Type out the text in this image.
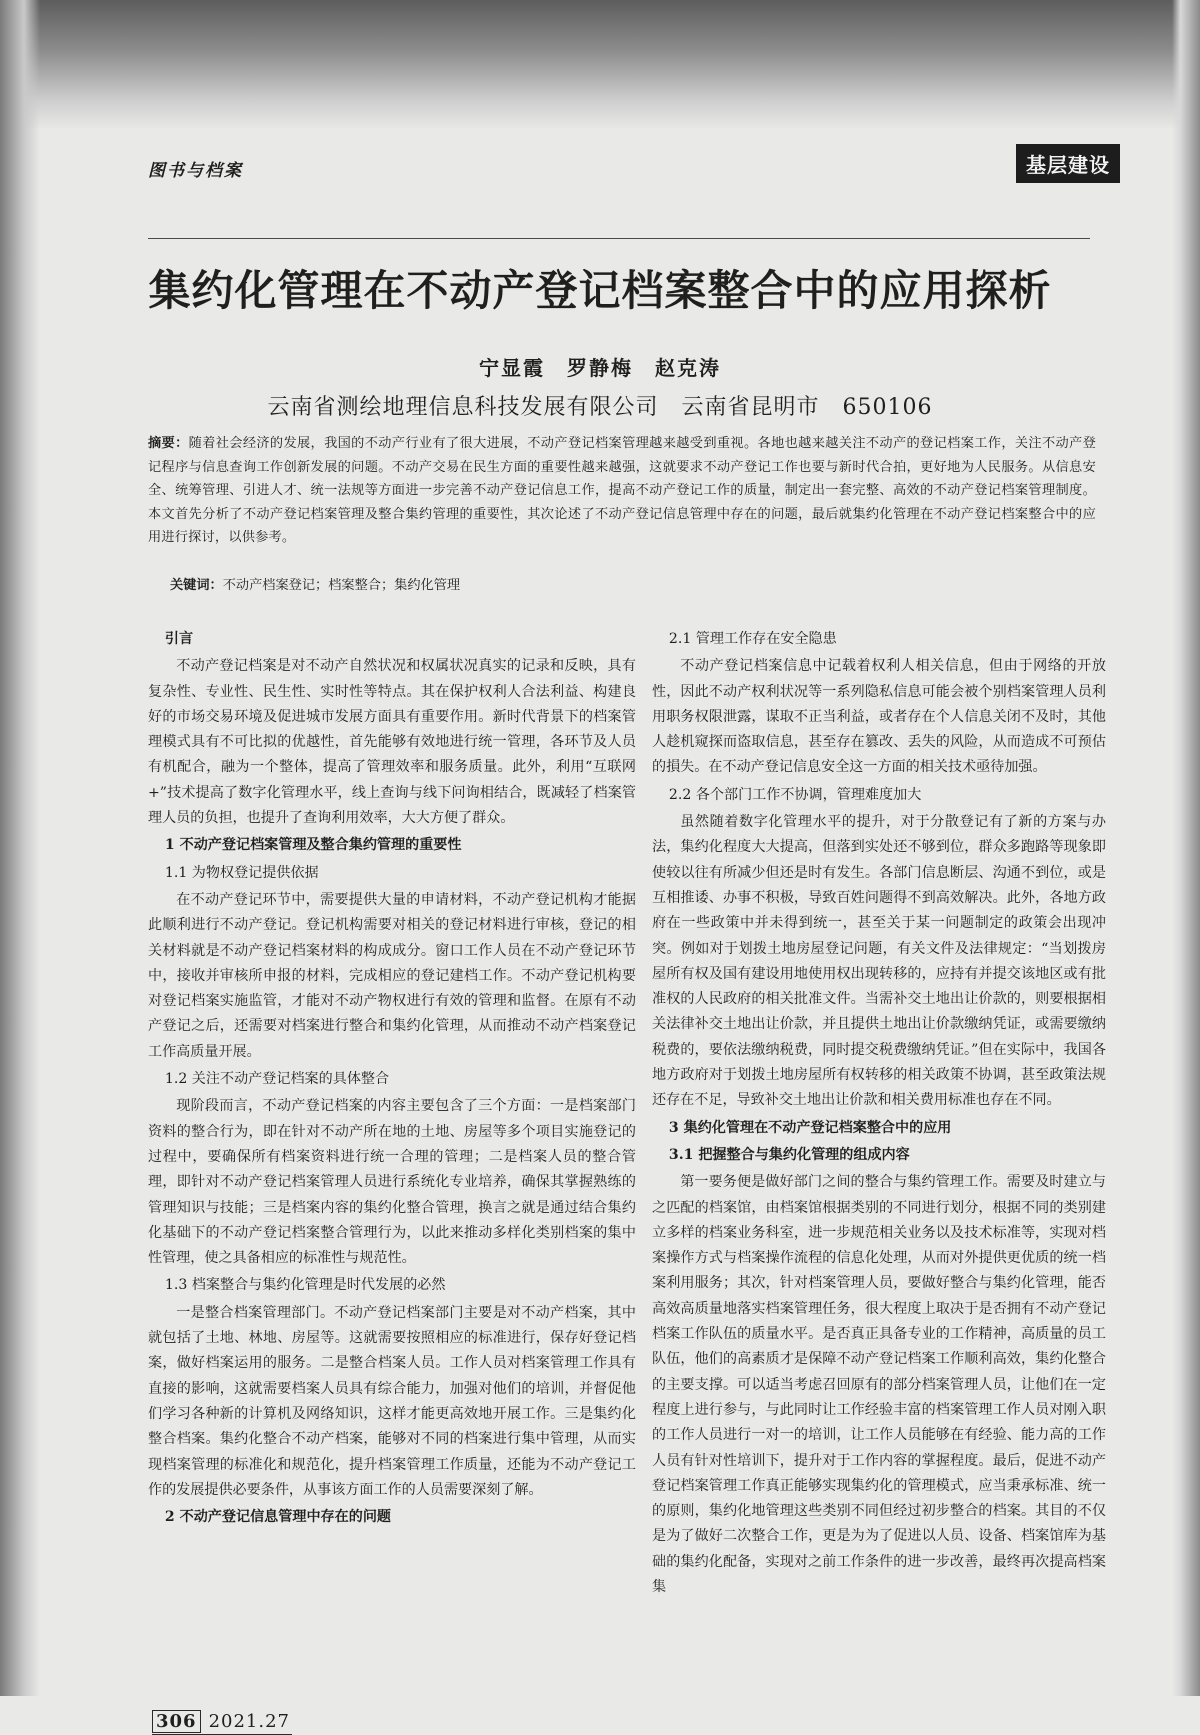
图书与档案	基层建设
集约化管理在不动产登记档案整合中的应用探析
宁显霞　罗静梅　赵克涛
云南省测绘地理信息科技发展有限公司　云南省昆明市　650106
摘要：随着社会经济的发展，我国的不动产行业有了很大进展，不动产登记档案管理越来越受到重视。各地也越来越关注不动产的登记档案工作，关注不动产登记程序与信息查询工作创新发展的问题。不动产交易在民生方面的重要性越来越强，这就要求不动产登记工作也要与新时代合拍，更好地为人民服务。从信息安全、统筹管理、引进人才、统一法规等方面进一步完善不动产登记信息工作，提高不动产登记工作的质量，制定出一套完整、高效的不动产登记档案管理制度。本文首先分析了不动产登记档案管理及整合集约管理的重要性，其次论述了不动产登记信息管理中存在的问题，最后就集约化管理在不动产登记档案整合中的应用进行探讨，以供参考。
关键词：不动产档案登记；档案整合；集约化管理
引言

不动产登记档案是对不动产自然状况和权属状况真实的记录和反映，具有复杂性、专业性、民生性、实时性等特点。其在保护权利人合法利益、构建良好的市场交易环境及促进城市发展方面具有重要作用。新时代背景下的档案管理模式具有不可比拟的优越性，首先能够有效地进行统一管理，各环节及人员有机配合，融为一个整体，提高了管理效率和服务质量。此外，利用“互联网+”技术提高了数字化管理水平，线上查询与线下问询相结合，既减轻了档案管理人员的负担，也提升了查询利用效率，大大方便了群众。

1 不动产登记档案管理及整合集约管理的重要性
1.1 为物权登记提供依据

在不动产登记环节中，需要提供大量的申请材料，不动产登记机构才能据此顺利进行不动产登记。登记机构需要对相关的登记材料进行审核，登记的相关材料就是不动产登记档案材料的构成成分。窗口工作人员在不动产登记环节中，接收并审核所申报的材料，完成相应的登记建档工作。不动产登记机构要对登记档案实施监管，才能对不动产物权进行有效的管理和监督。在原有不动产登记之后，还需要对档案进行整合和集约化管理，从而推动不动产档案登记工作高质量开展。

1.2 关注不动产登记档案的具体整合

现阶段而言，不动产登记档案的内容主要包含了三个方面：一是档案部门资料的整合行为，即在针对不动产所在地的土地、房屋等多个项目实施登记的过程中，要确保所有档案资料进行统一合理的管理；二是档案人员的整合管理，即针对不动产登记档案管理人员进行系统化专业培养，确保其掌握熟练的管理知识与技能；三是档案内容的集约化整合管理，换言之就是通过结合集约化基础下的不动产登记档案整合管理行为，以此来推动多样化类别档案的集中性管理，使之具备相应的标准性与规范性。

1.3 档案整合与集约化管理是时代发展的必然

一是整合档案管理部门。不动产登记档案部门主要是对不动产档案，其中就包括了土地、林地、房屋等。这就需要按照相应的标准进行，保存好登记档案，做好档案运用的服务。二是整合档案人员。工作人员对档案管理工作具有直接的影响，这就需要档案人员具有综合能力，加强对他们的培训，并督促他们学习各种新的计算机及网络知识，这样才能更高效地开展工作。三是集约化整合档案。集约化整合不动产档案，能够对不同的档案进行集中管理，从而实现档案管理的标准化和规范化，提升档案管理工作质量，还能为不动产登记工作的发展提供必要条件，从事该方面工作的人员需要深刻了解。

2 不动产登记信息管理中存在的问题
2.1 管理工作存在安全隐患

不动产登记档案信息中记载着权利人相关信息，但由于网络的开放性，因此不动产权利状况等一系列隐私信息可能会被个别档案管理人员利用职务权限泄露，谋取不正当利益，或者存在个人信息关闭不及时，其他人趁机窥探而盗取信息，甚至存在篡改、丢失的风险，从而造成不可预估的損失。在不动产登记信息安全这一方面的相关技术亟待加强。

2.2 各个部门工作不协调，管理难度加大

虽然随着数字化管理水平的提升，对于分散登记有了新的方案与办法，集约化程度大大提高，但落到实处还不够到位，群众多跑路等现象即使较以往有所减少但还是时有发生。各部门信息断层、沟通不到位，或是互相推诿、办事不积极，导致百姓问题得不到高效解决。此外，各地方政府在一些政策中并未得到统一，甚至关于某一问题制定的政策会出现冲突。例如对于划拨土地房屋登记问题，有关文件及法律规定：“当划拨房屋所有权及国有建设用地使用权出现转移的，应持有并提交该地区或有批准权的人民政府的相关批准文件。当需补交土地出让价款的，则要根据相关法律补交土地出让价款，并且提供土地出让价款缴纳凭证，或需要缴纳税费的，要依法缴纳税费，同时提交税费缴纳凭证。”但在实际中，我国各地方政府对于划拨土地房屋所有权转移的相关政策不协调，甚至政策法规还存在不足，导致补交土地出让价款和相关费用标准也存在不同。

3 集约化管理在不动产登记档案整合中的应用
3.1 把握整合与集约化管理的组成内容

第一要务便是做好部门之间的整合与集约管理工作。需要及时建立与之匹配的档案馆，由档案馆根据类别的不同进行划分，根据不同的类别建立多样的档案业务科室，进一步规范相关业务以及技术标准等，实现对档案操作方式与档案操作流程的信息化处理，从而对外提供更优质的统一档案利用服务；其次，针对档案管理人员，要做好整合与集约化管理，能否高效高质量地落实档案管理任务，很大程度上取决于是否拥有不动产登记档案工作队伍的质量水平。是否真正具备专业的工作精神，高质量的员工队伍，他们的高素质才是保障不动产登记档案工作顺利高效，集约化整合的主要支撑。可以适当考虑召回原有的部分档案管理人员，让他们在一定程度上进行参与，与此同时让工作经验丰富的档案管理工作人员对刚入职的工作人员进行一对一的培训，让工作人员能够在有经验、能力高的工作人员有针对性培训下，提升对于工作内容的掌握程度。最后，促进不动产登记档案管理工作真正能够实现集约化的管理模式，应当秉承标准、统一的原则，集约化地管理这些类别不同但经过初步整合的档案。其目的不仅是为了做好二次整合工作，更是为为了促进以人员、设备、档案馆库为基础的集约化配备，实现对之前工作条件的进一步改善，最终再次提高档案集

306 2021.27
